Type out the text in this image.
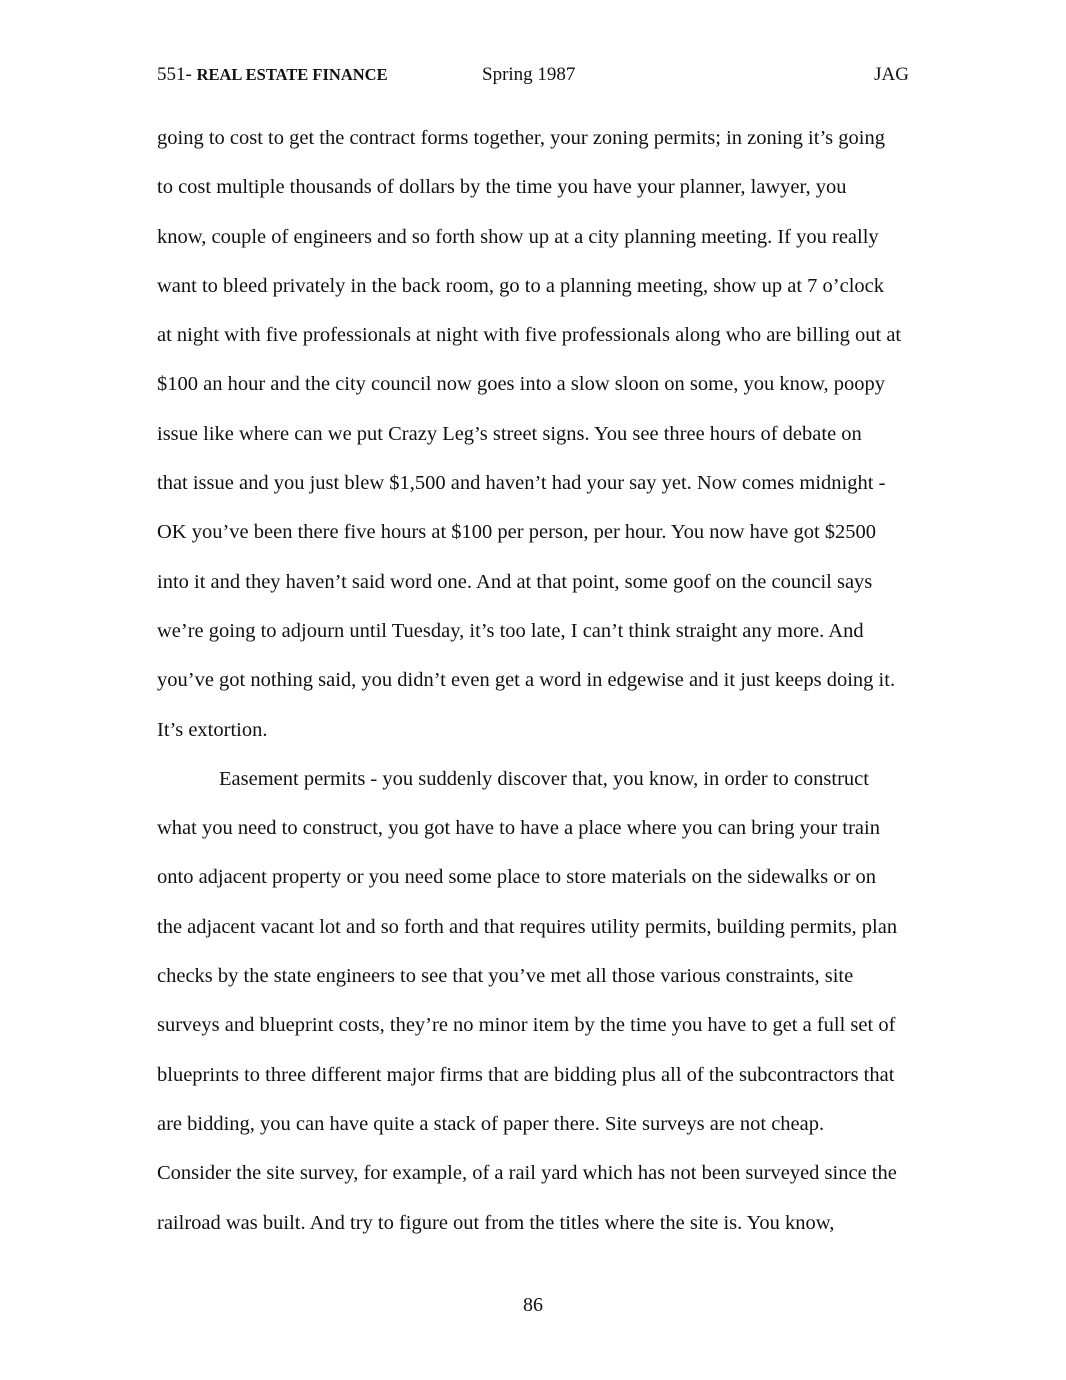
551- REAL ESTATE FINANCE	Spring 1987	JAG
going to cost to get the contract forms together, your zoning permits; in zoning it’s going
to cost multiple thousands of dollars by the time you have your planner, lawyer, you
know, couple of engineers and so forth show up at a city planning meeting. If you really
want to bleed privately in the back room, go to a planning meeting, show up at 7 o’clock
at night with five professionals at night with five professionals along who are billing out at
$100 an hour and the city council now goes into a slow sloon on some, you know, poopy
issue like where can we put Crazy Leg’s street signs. You see three hours of debate on
that issue and you just blew $1,500 and haven’t had your say yet. Now comes midnight -
OK you’ve been there five hours at $100 per person, per hour. You now have got $2500
into it and they haven’t said word one. And at that point, some goof on the council says
we’re going to adjourn until Tuesday, it’s too late, I can’t think straight any more. And
you’ve got nothing said, you didn’t even get a word in edgewise and it just keeps doing it.
It’s extortion.
Easement permits - you suddenly discover that, you know, in order to construct
what you need to construct, you got have to have a place where you can bring your train
onto adjacent property or you need some place to store materials on the sidewalks or on
the adjacent vacant lot and so forth and that requires utility permits, building permits, plan
checks by the state engineers to see that you’ve met all those various constraints, site
surveys and blueprint costs, they’re no minor item by the time you have to get a full set of
blueprints to three different major firms that are bidding plus all of the subcontractors that
are bidding, you can have quite a stack of paper there. Site surveys are not cheap.
Consider the site survey, for example, of a rail yard which has not been surveyed since the
railroad was built. And try to figure out from the titles where the site is. You know,
86
